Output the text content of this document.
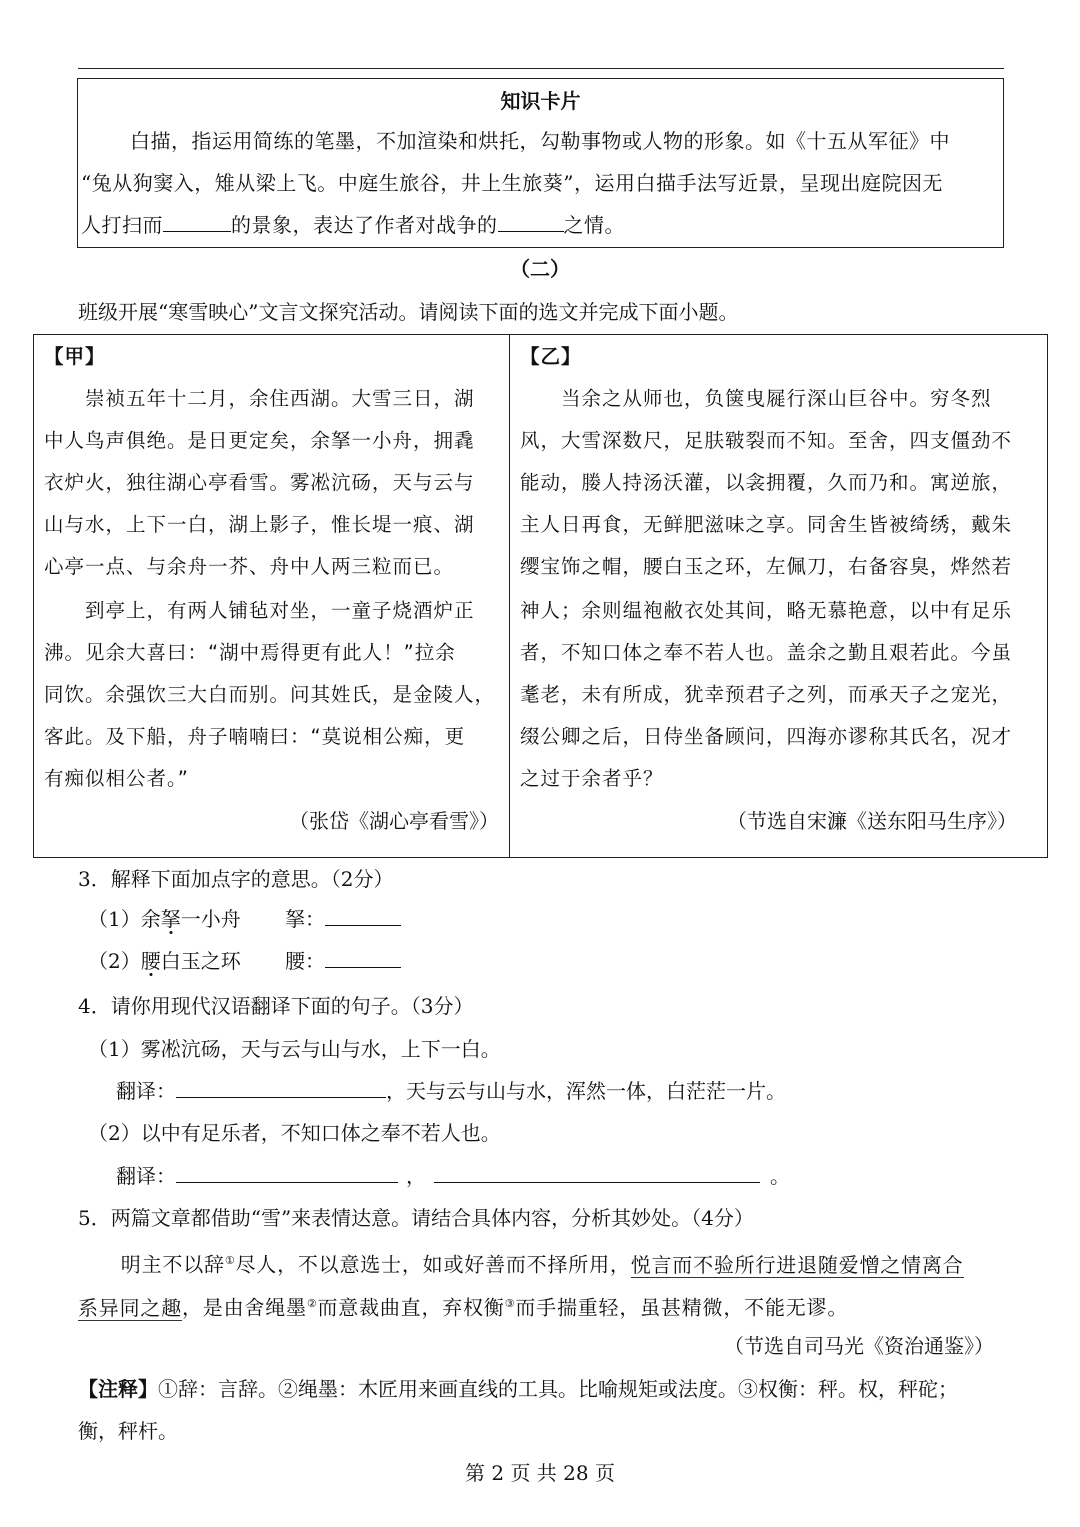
知识卡片
白描，指运用简练的笔墨，不加渲染和烘托，勾勒事物或人物的形象。如《十五从军征》中
“兔从狗窦入，雉从梁上飞。中庭生旅谷，井上生旅葵”，运用白描手法写近景，呈现出庭院因无
人打扫而	的景象，表达了作者对战争的	之情。
（二）
班级开展“寒雪映心”文言文探究活动。请阅读下面的选文并完成下面小题。
【甲】
　　崇祯五年十二月，余住西湖。大雪三日，湖
中人鸟声俱绝。是日更定矣，余拏一小舟，拥毳
衣炉火，独往湖心亭看雪。雾凇沆砀，天与云与
山与水，上下一白，湖上影子，惟长堤一痕、湖
心亭一点、与余舟一芥、舟中人两三粒而已。
　　到亭上，有两人铺毡对坐，一童子烧酒炉正
沸。见余大喜曰：“湖中焉得更有此人！”拉余
同饮。余强饮三大白而别。问其姓氏，是金陵人，
客此。及下船，舟子喃喃曰：“莫说相公痴，更
有痴似相公者。”
（张岱《湖心亭看雪》）
【乙】
　　当余之从师也，负箧曳屣行深山巨谷中。穷冬烈
风，大雪深数尺，足肤皲裂而不知。至舍，四支僵劲不
能动，媵人持汤沃灌，以衾拥覆，久而乃和。寓逆旅，
主人日再食，无鲜肥滋味之享。同舍生皆被绮绣，戴朱
缨宝饰之帽，腰白玉之环，左佩刀，右备容臭，烨然若
神人；余则缊袍敝衣处其间，略无慕艳意，以中有足乐
者，不知口体之奉不若人也。盖余之勤且艰若此。今虽
耄老，未有所成，犹幸预君子之列，而承天子之宠光，
缀公卿之后，日侍坐备顾问，四海亦谬称其氏名，况才
之过于余者乎？
（节选自宋濂《送东阳马生序》）
3．解释下面加点字的意思。（2分）
（1）余拏一小舟 拏：
（2）腰白玉之环 腰：
4．请你用现代汉语翻译下面的句子。（3分）
（1）雾凇沆砀，天与云与山与水，上下一白。
翻译：	，天与云与山与水，浑然一体，白茫茫一片。
（2）以中有足乐者，不知口体之奉不若人也。
翻译：	，	。
5．两篇文章都借助“雪”来表情达意。请结合具体内容，分析其妙处。（4分）
　明主不以辞①尽人，不以意选士，如或好善而不择所用，悦言而不验所行进退随爱憎之情离合
系异同之趣，是由舍绳墨②而意裁曲直，弃权衡③而手揣重轻，虽甚精微，不能无谬。
（节选自司马光《资治通鉴》）
【注释】①辞：言辞。②绳墨：木匠用来画直线的工具。比喻规矩或法度。③权衡：秤。权，秤砣；
衡，秤杆。
第 2 页 共 28 页
